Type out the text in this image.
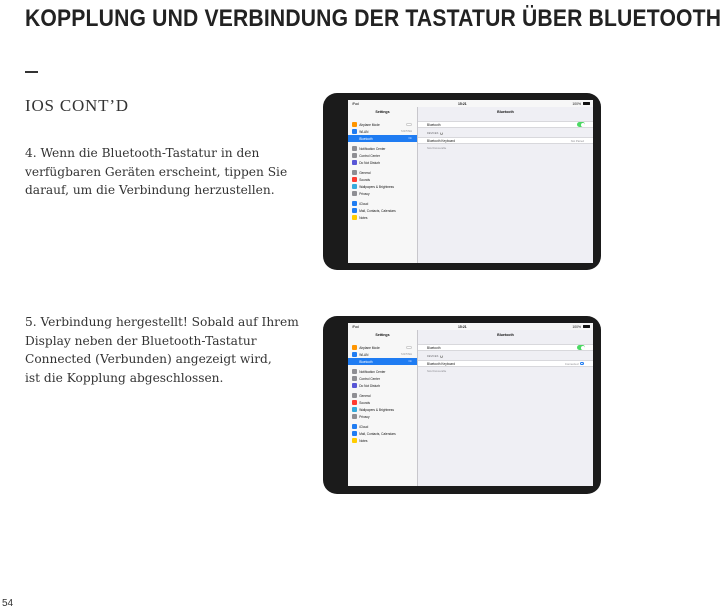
KOPPLUNG UND VERBINDUNG DER TASTATUR ÜBER BLUETOOTH
IOS CONT’D
4. Wenn die Bluetooth-Tastatur in den
verfügbaren Geräten erscheint, tippen Sie
darauf, um die Verbindung herzustellen.
5. Verbindung hergestellt! Sobald auf Ihrem
Display neben der Bluetooth-Tastatur
Connected (Verbunden) angezeigt wird,
ist die Kopplung abgeschlossen.
54
iPad	15:21	100%
Settings
Airplane Mode
WLAN	7227NSH
Bluetooth	On
Notification Center
Control Center
Do Not Disturb
General
Sounds
Wallpapers & Brightness
Privacy
iCloud
Mail, Contacts, Calendars
Notes
Bluetooth
Bluetooth
DEVICES
Bluetooth Keyboard	Not Paired
Now Discoverable
iPad	15:21	100%
Settings
Airplane Mode
WLAN	7227NSH
Bluetooth	On
Notification Center
Control Center
Do Not Disturb
General
Sounds
Wallpapers & Brightness
Privacy
iCloud
Mail, Contacts, Calendars
Notes
Bluetooth
Bluetooth
DEVICES
Bluetooth Keyboard	Connected	i
Now Discoverable
